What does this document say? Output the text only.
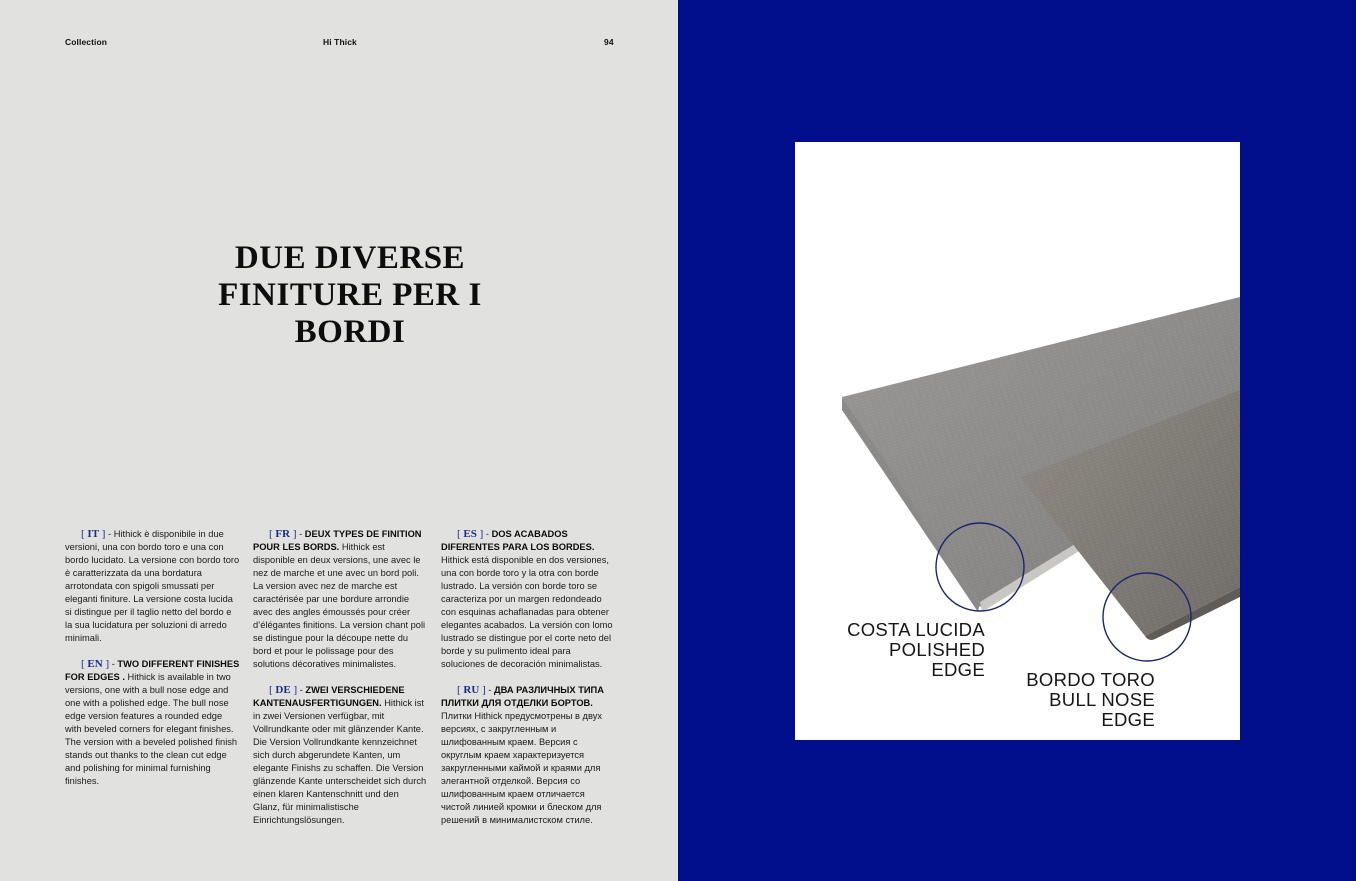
Collection	Hi Thick	94
DUE DIVERSE FINITURE PER I BORDI

[ IT ] - Hithick è disponibile in due versioni, una con bordo toro e una con bordo lucidato. La versione con bordo toro è caratterizzata da una bordatura arrotondata con spigoli smussati per eleganti finiture. La versione costa lucida si distingue per il taglio netto del bordo e la sua lucidatura per soluzioni di arredo minimali.

[ EN ] - TWO DIFFERENT FINISHES FOR EDGES . Hithick is available in two versions, one with a bull nose edge and one with a polished edge. The bull nose edge version features a rounded edge with beveled corners for elegant finishes. The version with a beveled polished finish stands out thanks to the clean cut edge and polishing for minimal furnishing finishes.

[ FR ] - DEUX TYPES DE FINITION POUR LES BORDS. Hithick est disponible en deux versions, une avec le nez de marche et une avec un bord poli. La version avec nez de marche est caractérisée par une bordure arrondie avec des angles émoussés pour créer d’élégantes finitions. La version chant poli se distingue pour la découpe nette du bord et pour le polissage pour des solutions décoratives minimalistes.

[ DE ] - ZWEI VERSCHIEDENE KANTENAUSFERTIGUNGEN. Hithick ist in zwei Versionen verfügbar, mit Vollrundkante oder mit glänzender Kante. Die Version Vollrundkante kennzeichnet sich durch abgerundete Kanten, um elegante Finishs zu schaffen. Die Version glänzende Kante unterscheidet sich durch einen klaren Kantenschnitt und den Glanz, für minimalistische Einrichtungslösungen.

[ ES ] - DOS ACABADOS DIFERENTES PARA LOS BORDES. Hithick está disponible en dos versiones, una con borde toro y la otra con borde lustrado. La versión con borde toro se caracteriza por un margen redondeado con esquinas achaflanadas para obtener elegantes acabados. La versión con lomo lustrado se distingue por el corte neto del borde y su pulimento ideal para soluciones de decoración minimalistas.

[ RU ] - ДВА РАЗЛИЧНЫХ ТИПА ПЛИТКИ ДЛЯ ОТДЕЛКИ БОРТОВ. Плитки Hithick предусмотрены в двух версиях, с закругленным и шлифованным краем. Версия с округлым краем характеризуется закругленными каймой и краями для элегантной отделкой. Версия со шлифованным краем отличается чистой линией кромки и блеском для решений в минималистском стиле.

COSTA LUCIDA
POLISHED EDGE	BORDO TORO
BULL NOSE EDGE
